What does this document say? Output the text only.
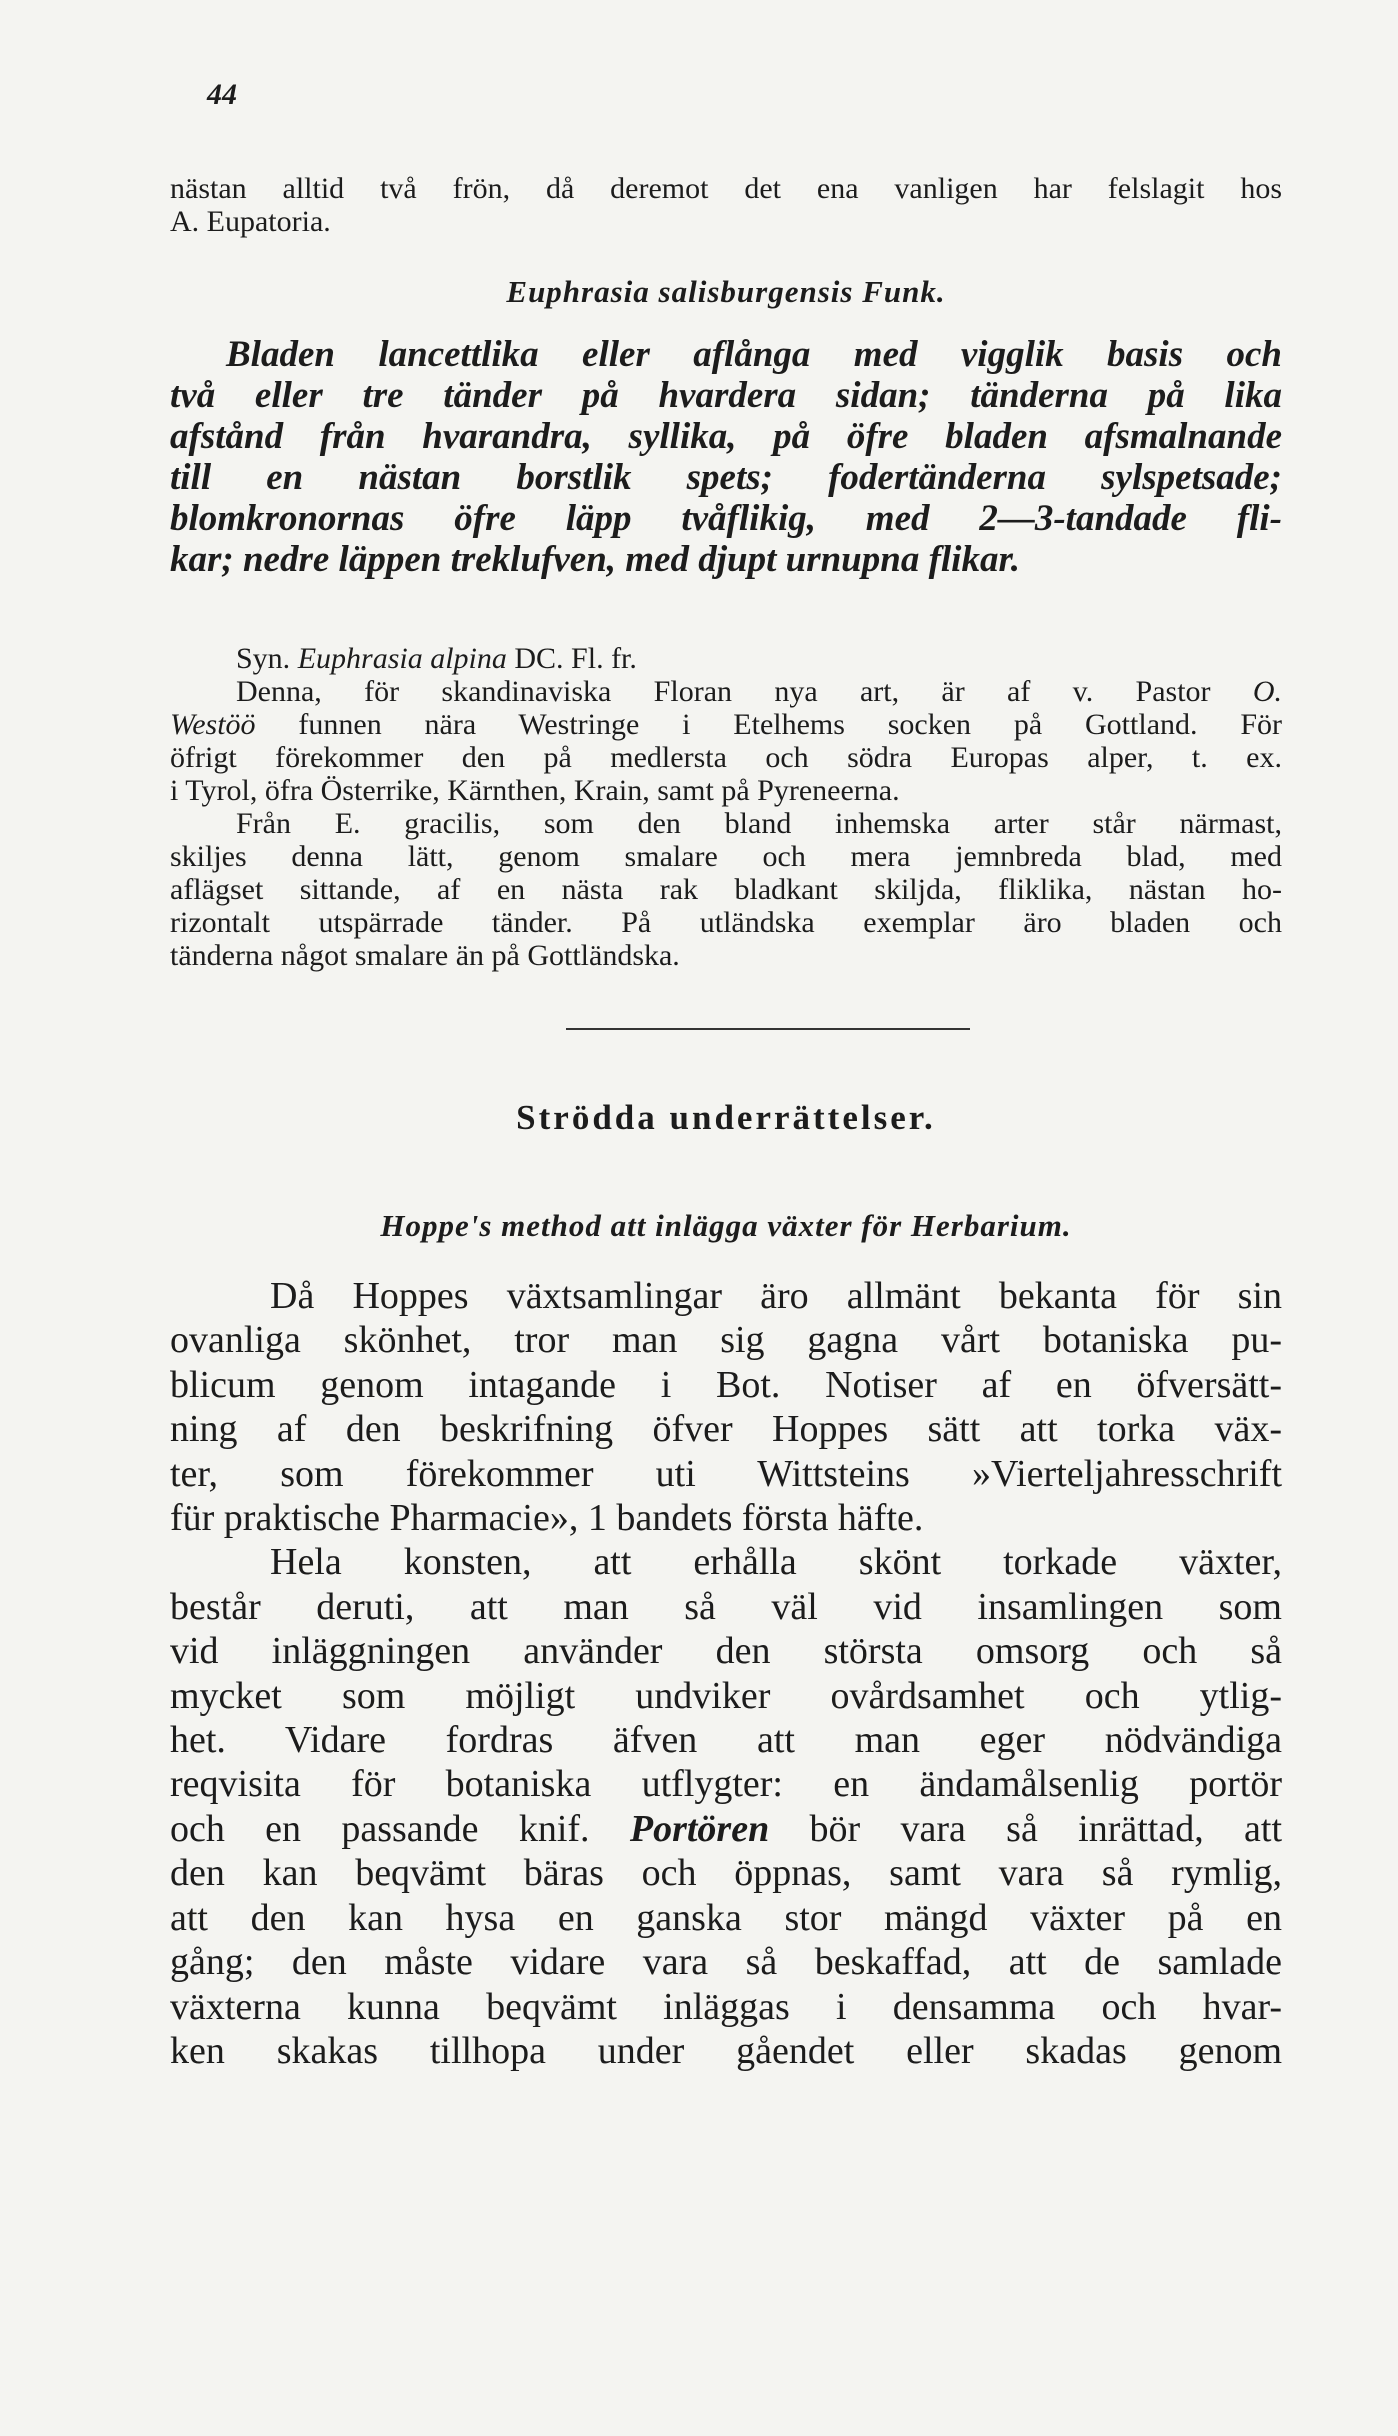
44
nästan alltid två frön, då deremot det ena vanligen har felslagit hos
A. Eupatoria.
Euphrasia salisburgensis Funk.
Bladen lancettlika eller aflånga med vigglik basis och
två eller tre tänder på hvardera sidan; tänderna på lika
afstånd från hvarandra, syllika, på öfre bladen afsmalnande
till en nästan borstlik spets; fodertänderna sylspetsade;
blomkronornas öfre läpp tvåflikig, med 2—3-tandade fli-
kar; nedre läppen treklufven, med djupt urnupna flikar.
Syn. Euphrasia alpina DC. Fl. fr.
Denna, för skandinaviska Floran nya art, är af v. Pastor O.
Westöö funnen nära Westringe i Etelhems socken på Gottland. För
öfrigt förekommer den på medlersta och södra Europas alper, t. ex.
i Tyrol, öfra Österrike, Kärnthen, Krain, samt på Pyreneerna.
Från E. gracilis, som den bland inhemska arter står närmast,
skiljes denna lätt, genom smalare och mera jemnbreda blad, med
aflägset sittande, af en nästa rak bladkant skiljda, fliklika, nästan ho-
rizontalt utspärrade tänder. På utländska exemplar äro bladen och
tänderna något smalare än på Gottländska.
Strödda underrättelser.
Hoppe's method att inlägga växter för Herbarium.
Då Hoppes växtsamlingar äro allmänt bekanta för sin
ovanliga skönhet, tror man sig gagna vårt botaniska pu-
blicum genom intagande i Bot. Notiser af en öfversätt-
ning af den beskrifning öfver Hoppes sätt att torka väx-
ter, som förekommer uti Wittsteins »Vierteljahresschrift
für praktische Pharmacie», 1 bandets första häfte.
Hela konsten, att erhålla skönt torkade växter,
består deruti, att man så väl vid insamlingen som
vid inläggningen använder den största omsorg och så
mycket som möjligt undviker ovårdsamhet och ytlig-
het. Vidare fordras äfven att man eger nödvändiga
reqvisita för botaniska utflygter: en ändamålsenlig portör
och en passande knif. Portören bör vara så inrättad, att
den kan beqvämt bäras och öppnas, samt vara så rymlig,
att den kan hysa en ganska stor mängd växter på en
gång; den måste vidare vara så beskaffad, att de samlade
växterna kunna beqvämt inläggas i densamma och hvar-
ken skakas tillhopa under gåendet eller skadas genom
